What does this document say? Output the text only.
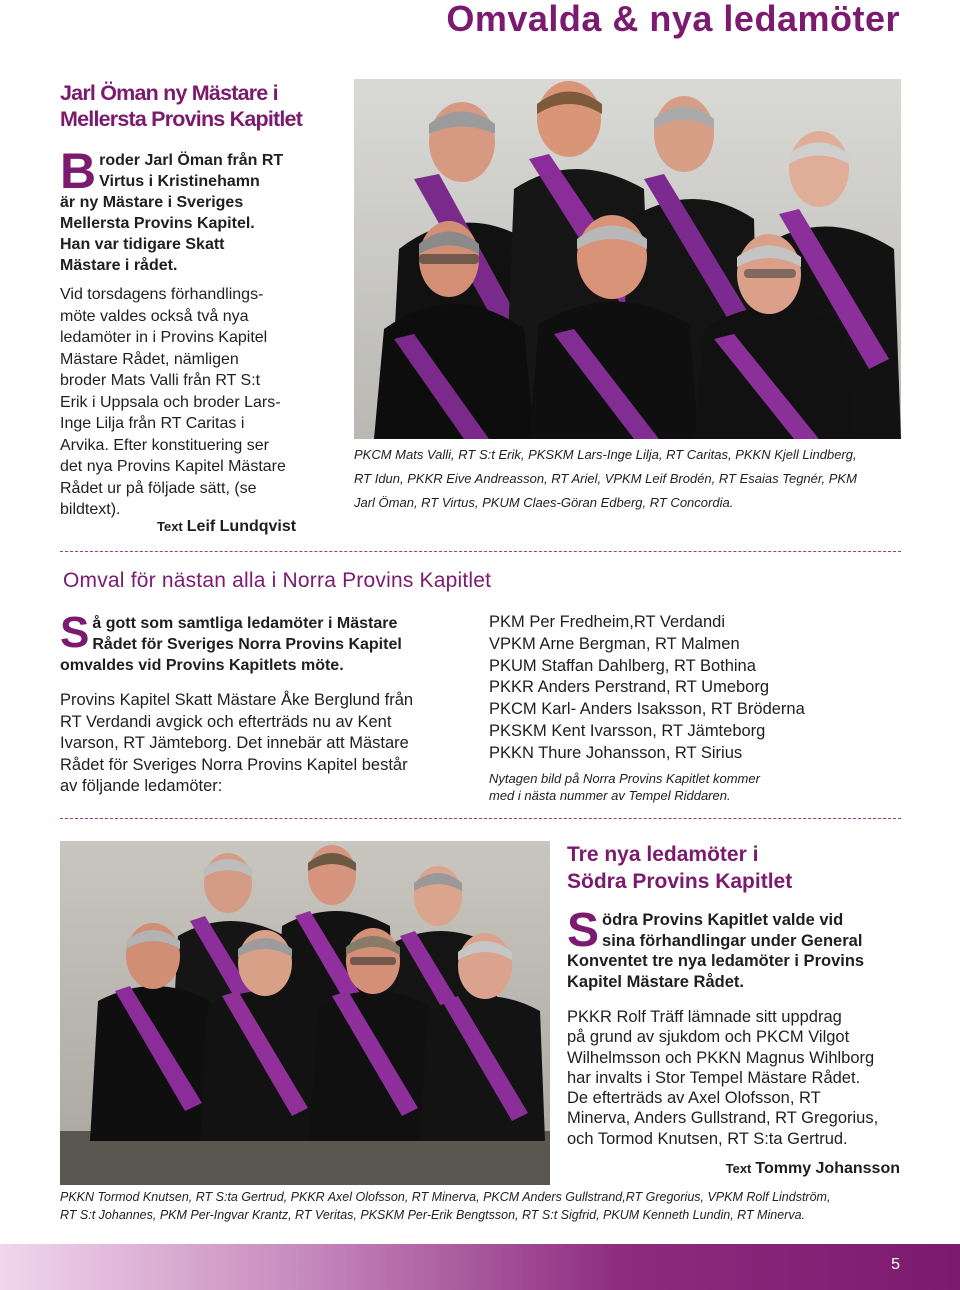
Omvalda & nya ledamöter
Jarl Öman ny Mästare i
Mellersta Provins Kapitlet
B roder Jarl Öman från RT
Virtus i Kristinehamn
är ny Mästare i Sveriges
Mellersta Provins Kapitel.
Han var tidigare Skatt
Mästare i rådet.
Vid torsdagens förhandlings-
möte valdes också två nya
ledamöter in i Provins Kapitel
Mästare Rådet, nämligen
broder Mats Valli från RT S:t
Erik i Uppsala och broder Lars-
Inge Lilja från RT Caritas i
Arvika. Efter konstituering ser
det nya Provins Kapitel Mästare
Rådet ur på följade sätt, (se
bildtext).
Text Leif Lundqvist
PKCM Mats Valli, RT S:t Erik, PKSKM Lars-Inge Lilja, RT Caritas, PKKN Kjell Lindberg,
RT Idun, PKKR Eive Andreasson, RT Ariel, VPKM Leif Brodén, RT Esaias Tegnér, PKM
Jarl Öman, RT Virtus, PKUM Claes-Göran Edberg, RT Concordia.
Omval för nästan alla i Norra Provins Kapitlet
S å gott som samtliga ledamöter i Mästare
Rådet för Sveriges Norra Provins Kapitel
omvaldes vid Provins Kapitlets möte.
Provins Kapitel Skatt Mästare Åke Berglund från
RT Verdandi avgick och efterträds nu av Kent
Ivarson, RT Jämteborg. Det innebär att Mästare
Rådet för Sveriges Norra Provins Kapitel består
av följande ledamöter:
PKM Per Fredheim,RT Verdandi
VPKM Arne Bergman, RT Malmen
PKUM Staffan Dahlberg, RT Bothina
PKKR Anders Perstrand, RT Umeborg
PKCM Karl- Anders Isaksson, RT Bröderna
PKSKM Kent Ivarsson, RT Jämteborg
PKKN Thure Johansson, RT Sirius
Nytagen bild på Norra Provins Kapitlet kommer
med i nästa nummer av Tempel Riddaren.
Tre nya ledamöter i
Södra Provins Kapitlet
S ödra Provins Kapitlet valde vid
sina förhandlingar under General
Konventet tre nya ledamöter i Provins
Kapitel Mästare Rådet.
PKKR Rolf Träff lämnade sitt uppdrag
på grund av sjukdom och PKCM Vilgot
Wilhelmsson och PKKN Magnus Wihlborg
har invalts i Stor Tempel Mästare Rådet.
De efterträds av Axel Olofsson, RT
Minerva, Anders Gullstrand, RT Gregorius,
och Tormod Knutsen, RT S:ta Gertrud.
Text Tommy Johansson
PKKN Tormod Knutsen, RT S:ta Gertrud, PKKR Axel Olofsson, RT Minerva, PKCM Anders Gullstrand,RT Gregorius, VPKM Rolf Lindström,
RT S:t Johannes, PKM Per-Ingvar Krantz, RT Veritas, PKSKM Per-Erik Bengtsson, RT S:t Sigfrid, PKUM Kenneth Lundin, RT Minerva.
5
